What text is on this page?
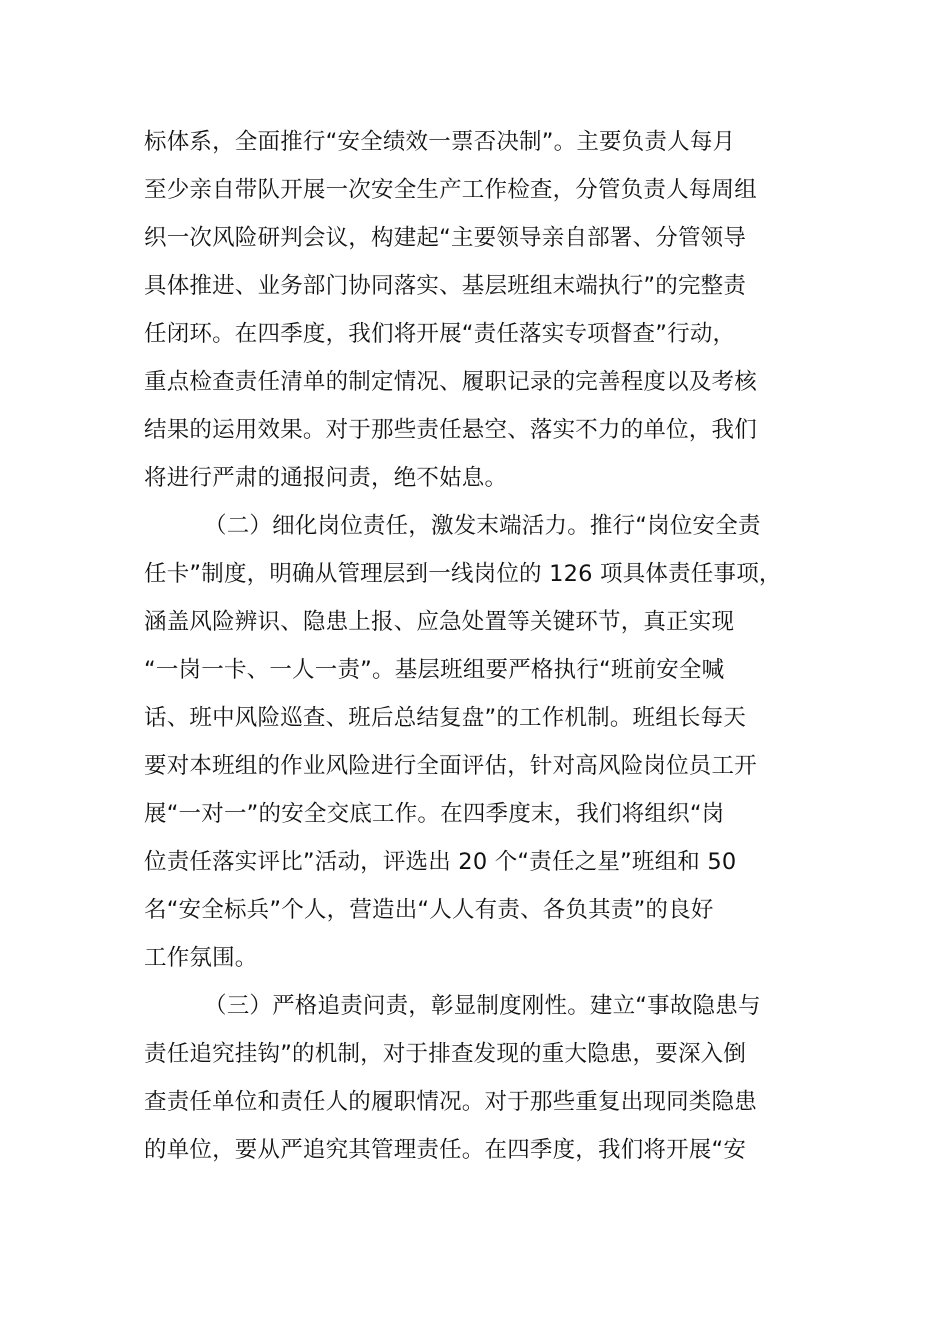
标体系，全面推行“安全绩效一票否决制”。主要负责人每月
至少亲自带队开展一次安全生产工作检查，分管负责人每周组
织一次风险研判会议，构建起“主要领导亲自部署、分管领导
具体推进、业务部门协同落实、基层班组末端执行”的完整责
任闭环。在四季度，我们将开展“责任落实专项督查”行动，
重点检查责任清单的制定情况、履职记录的完善程度以及考核
结果的运用效果。对于那些责任悬空、落实不力的单位，我们
将进行严肃的通报问责，绝不姑息。
（二）细化岗位责任，激发末端活力。推行“岗位安全责
任卡”制度，明确从管理层到一线岗位的 126 项具体责任事项，
涵盖风险辨识、隐患上报、应急处置等关键环节，真正实现
“一岗一卡、一人一责”。基层班组要严格执行“班前安全喊
话、班中风险巡查、班后总结复盘”的工作机制。班组长每天
要对本班组的作业风险进行全面评估，针对高风险岗位员工开
展“一对一”的安全交底工作。在四季度末，我们将组织“岗
位责任落实评比”活动，评选出 20 个“责任之星”班组和 50
名“安全标兵”个人，营造出“人人有责、各负其责”的良好
工作氛围。
（三）严格追责问责，彰显制度刚性。建立“事故隐患与
责任追究挂钩”的机制，对于排查发现的重大隐患，要深入倒
查责任单位和责任人的履职情况。对于那些重复出现同类隐患
的单位，要从严追究其管理责任。在四季度，我们将开展“安
